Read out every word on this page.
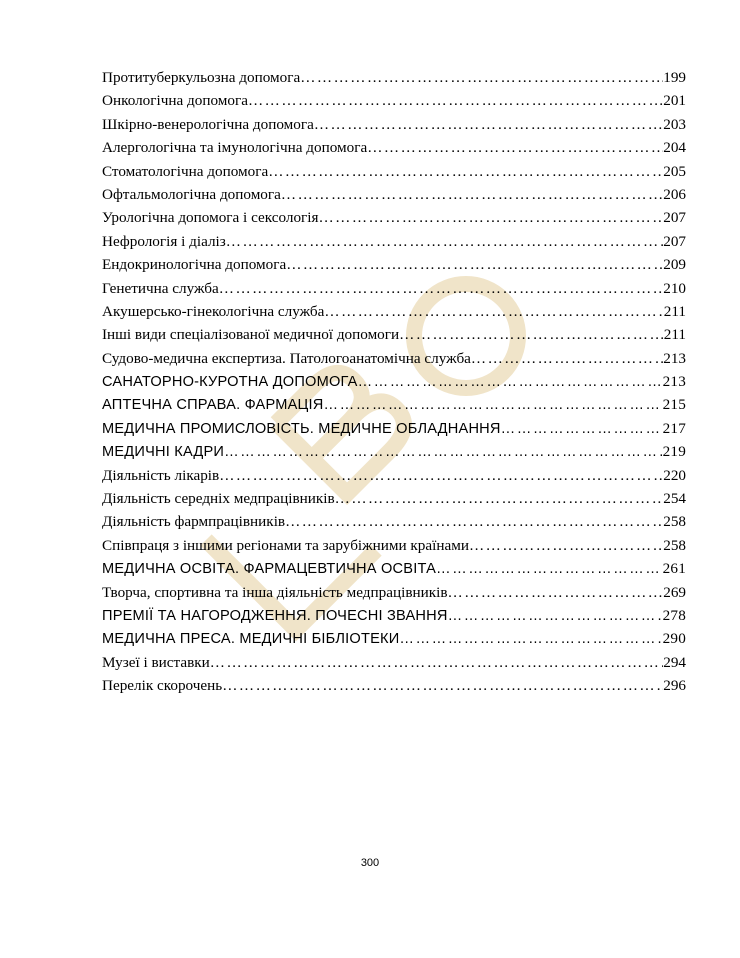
Протитуберкульозна допомога …………………………………………………………………………………………………………………………………	199
Онкологічна допомога …………………………………………………………………………………………………………………………………	201
Шкірно-венерологічна допомога …………………………………………………………………………………………………………………………………	203
Алергологічна та імунологічна допомога …………………………………………………………………………………………………………………………………	204
Стоматологічна допомога …………………………………………………………………………………………………………………………………	205
Офтальмологічна допомога …………………………………………………………………………………………………………………………………	206
Урологічна допомога і сексологія …………………………………………………………………………………………………………………………………	207
Нефрологія і діаліз …………………………………………………………………………………………………………………………………	207
Ендокринологічна допомога …………………………………………………………………………………………………………………………………	209
Генетична служба …………………………………………………………………………………………………………………………………	210
Акушерсько-гінекологічна служба …………………………………………………………………………………………………………………………………	211
Інші види спеціалізованої медичної допомоги …………………………………………………………………………………………………………………………………	211
Судово-медична експертиза. Патологоанатомічна служба …………………………………………………………………………………………………………………………………	213
САНАТОРНО-КУРОТНА ДОПОМОГА …………………………………………………………………………………………………………………………………	213
АПТЕЧНА СПРАВА. ФАРМАЦІЯ …………………………………………………………………………………………………………………………………	215
МЕДИЧНА ПРОМИСЛОВІСТЬ. МЕДИЧНЕ ОБЛАДНАННЯ …………………………………………………………………………………………………………………………………	217
МЕДИЧНІ КАДРИ …………………………………………………………………………………………………………………………………	219
Діяльність лікарів …………………………………………………………………………………………………………………………………	220
Діяльність середніх медпрацівників …………………………………………………………………………………………………………………………………	254
Діяльність фармпрацівників …………………………………………………………………………………………………………………………………	258
Співпраця з іншими регіонами та зарубіжними країнами …………………………………………………………………………………………………………………………………	258
МЕДИЧНА ОСВІТА. ФАРМАЦЕВТИЧНА ОСВІТА …………………………………………………………………………………………………………………………………	261
Творча, спортивна та інша діяльність медпрацівників …………………………………………………………………………………………………………………………………	269
ПРЕМІЇ ТА НАГОРОДЖЕННЯ. ПОЧЕСНІ ЗВАННЯ …………………………………………………………………………………………………………………………………	278
МЕДИЧНА ПРЕСА. МЕДИЧНІ БІБЛІОТЕКИ …………………………………………………………………………………………………………………………………	290
Музеї і виставки …………………………………………………………………………………………………………………………………	294
Перелік скорочень …………………………………………………………………………………………………………………………………	296
300
